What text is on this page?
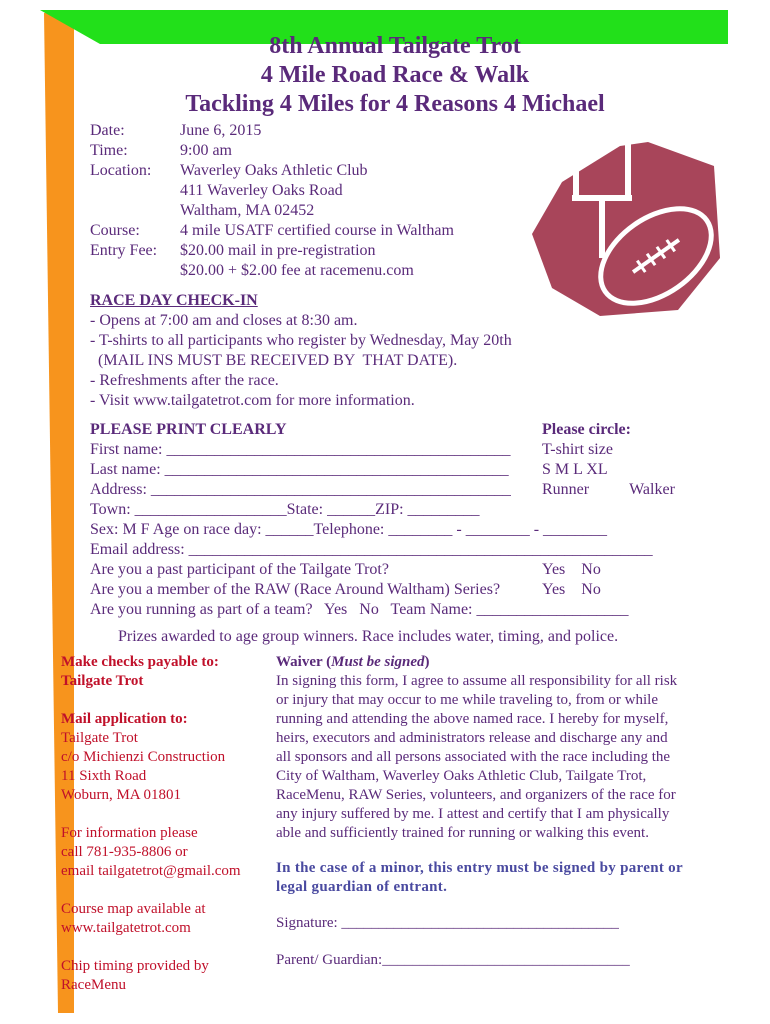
8th Annual Tailgate Trot
4 Mile Road Race & Walk
Tackling 4 Miles for 4 Reasons 4 Michael
Date:	June 6, 2015
Time:	9:00 am
Location:	Waverley Oaks Athletic Club
411 Waverley Oaks Road
Waltham, MA 02452
Course:	4 mile USATF certified course in Waltham
Entry Fee:	$20.00 mail in pre-registration
$20.00 + $2.00 fee at racemenu.com
RACE DAY CHECK-IN
- Opens at 7:00 am and closes at 8:30 am.
- T-shirts to all participants who register by Wednesday, May 20th
(MAIL INS MUST BE RECEIVED BY  THAT DATE).
- Refreshments after the race.
- Visit www.tailgatetrot.com for more information.
PLEASE PRINT CLEARLY
First name: ___________________________________________
Last name: ___________________________________________
Address: _____________________________________________
Town: ___________________State: ______ZIP: _________
Sex: M F Age on race day: ______Telephone: ________ - ________ - ________
Email address: __________________________________________________________
Are you a past participant of the Tailgate Trot?	Yes    No
Are you a member of the RAW (Race Around Waltham) Series?	Yes    No
Are you running as part of a team?   Yes   No   Team Name: ___________________
Please circle:
T-shirt size
S M L XL
Runner	Walker
Prizes awarded to age group winners. Race includes water, timing, and police.
Make checks payable to:
Tailgate Trot
Mail application to:
Tailgate Trot
c/o Michienzi Construction
11 Sixth Road
Woburn, MA 01801
For information please
call 781-935-8806 or
email tailgatetrot@gmail.com
Course map available at
www.tailgatetrot.com
Chip timing provided by
RaceMenu
Waiver (Must be signed)
In signing this form, I agree to assume all responsibility for all risk
or injury that may occur to me while traveling to, from or while
running and attending the above named race. I hereby for myself,
heirs, executors and administrators release and discharge any and
all sponsors and all persons associated with the race including the
City of Waltham, Waverley Oaks Athletic Club, Tailgate Trot,
RaceMenu, RAW Series, volunteers, and organizers of the race for
any injury suffered by me. I attest and certify that I am physically
able and sufficiently trained for running or walking this event.
In the case of a minor, this entry must be signed by parent or
legal guardian of entrant.
Signature: _____________________________________
Parent/ Guardian:_________________________________
